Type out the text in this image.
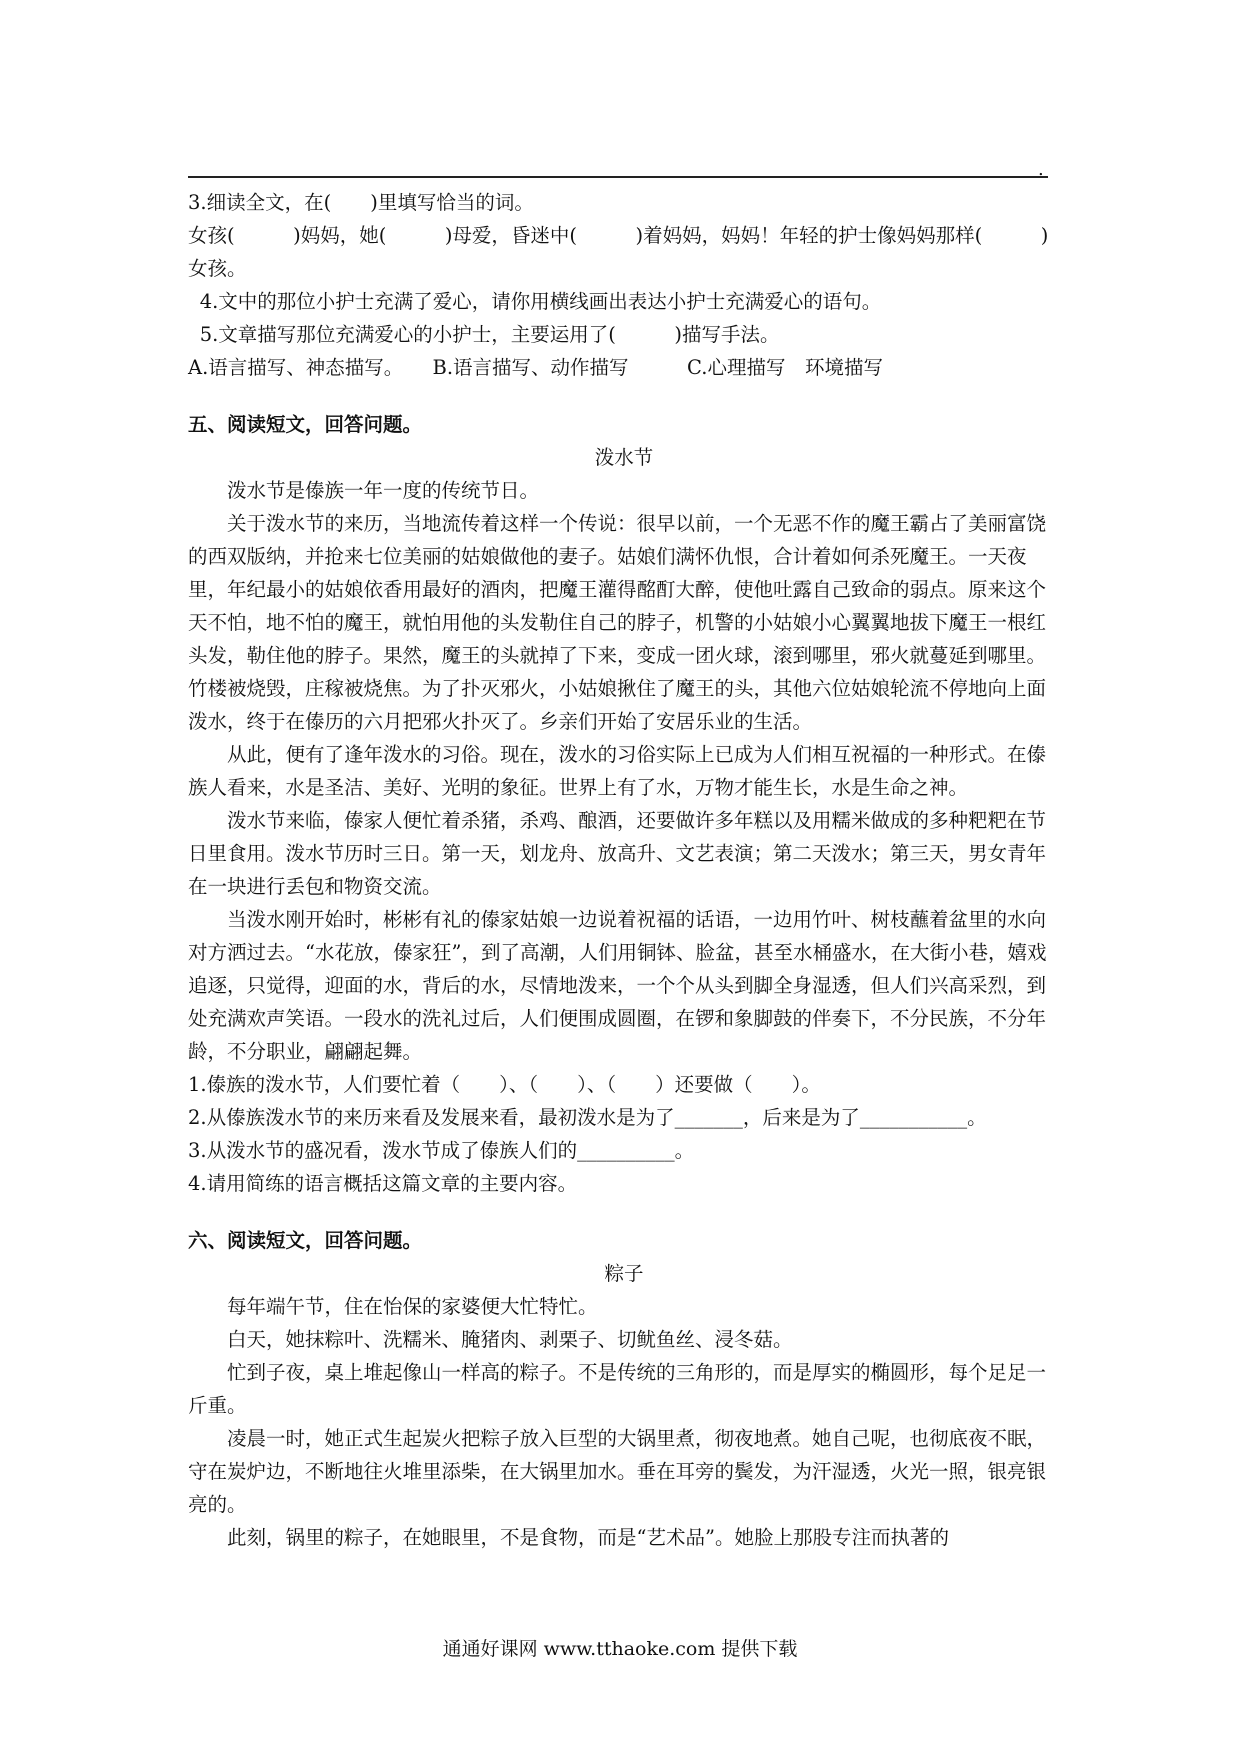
.

3.细读全文，在(　　)里填写恰当的词。

女孩(　　　)妈妈，她(　　　)母爱，昏迷中(　　　)着妈妈，妈妈！年轻的护士像妈妈那样(　　　)女孩。

4.文中的那位小护士充满了爱心，请你用横线画出表达小护士充满爱心的语句。

5.文章描写那位充满爱心的小护士，主要运用了(　　　)描写手法。

A.语言描写、神态描写。　　B.语言描写、动作描写　　　C.心理描写　环境描写

五、阅读短文，回答问题。

泼水节

泼水节是傣族一年一度的传统节日。

关于泼水节的来历，当地流传着这样一个传说：很早以前，一个无恶不作的魔王霸占了美丽富饶的西双版纳，并抢来七位美丽的姑娘做他的妻子。姑娘们满怀仇恨，合计着如何杀死魔王。一天夜里，年纪最小的姑娘依香用最好的酒肉，把魔王灌得酩酊大醉，使他吐露自己致命的弱点。原来这个天不怕，地不怕的魔王，就怕用他的头发勒住自己的脖子，机警的小姑娘小心翼翼地拔下魔王一根红头发，勒住他的脖子。果然，魔王的头就掉了下来，变成一团火球，滚到哪里，邪火就蔓延到哪里。竹楼被烧毁，庄稼被烧焦。为了扑灭邪火，小姑娘揪住了魔王的头，其他六位姑娘轮流不停地向上面泼水，终于在傣历的六月把邪火扑灭了。乡亲们开始了安居乐业的生活。

从此，便有了逢年泼水的习俗。现在，泼水的习俗实际上已成为人们相互祝福的一种形式。在傣族人看来，水是圣洁、美好、光明的象征。世界上有了水，万物才能生长，水是生命之神。

泼水节来临，傣家人便忙着杀猪，杀鸡、酿酒，还要做许多年糕以及用糯米做成的多种粑粑在节日里食用。泼水节历时三日。第一天，划龙舟、放高升、文艺表演；第二天泼水；第三天，男女青年在一块进行丢包和物资交流。

当泼水刚开始时，彬彬有礼的傣家姑娘一边说着祝福的话语，一边用竹叶、树枝蘸着盆里的水向对方洒过去。“水花放，傣家狂”，到了高潮，人们用铜钵、脸盆，甚至水桶盛水，在大街小巷，嬉戏追逐，只觉得，迎面的水，背后的水，尽情地泼来，一个个从头到脚全身湿透，但人们兴高采烈，到处充满欢声笑语。一段水的洗礼过后，人们便围成圆圈，在锣和象脚鼓的伴奏下，不分民族，不分年龄，不分职业，翩翩起舞。

1.傣族的泼水节，人们要忙着（　　）、（　　）、（　　）还要做（　　）。

2.从傣族泼水节的来历来看及发展来看，最初泼水是为了_______，后来是为了___________。

3.从泼水节的盛况看，泼水节成了傣族人们的__________。

4.请用简练的语言概括这篇文章的主要内容。

六、阅读短文，回答问题。

粽子

每年端午节，住在怡保的家婆便大忙特忙。

白天，她抹粽叶、洗糯米、腌猪肉、剥栗子、切鱿鱼丝、浸冬菇。

忙到子夜，桌上堆起像山一样高的粽子。不是传统的三角形的，而是厚实的椭圆形，每个足足一斤重。

凌晨一时，她正式生起炭火把粽子放入巨型的大锅里煮，彻夜地煮。她自己呢，也彻底夜不眠，守在炭炉边，不断地往火堆里添柴，在大锅里加水。垂在耳旁的鬓发，为汗湿透，火光一照，银亮银亮的。

此刻，锅里的粽子，在她眼里，不是食物，而是“艺术品”。她脸上那股专注而执著的

通通好课网 www.tthaoke.com 提供下载
